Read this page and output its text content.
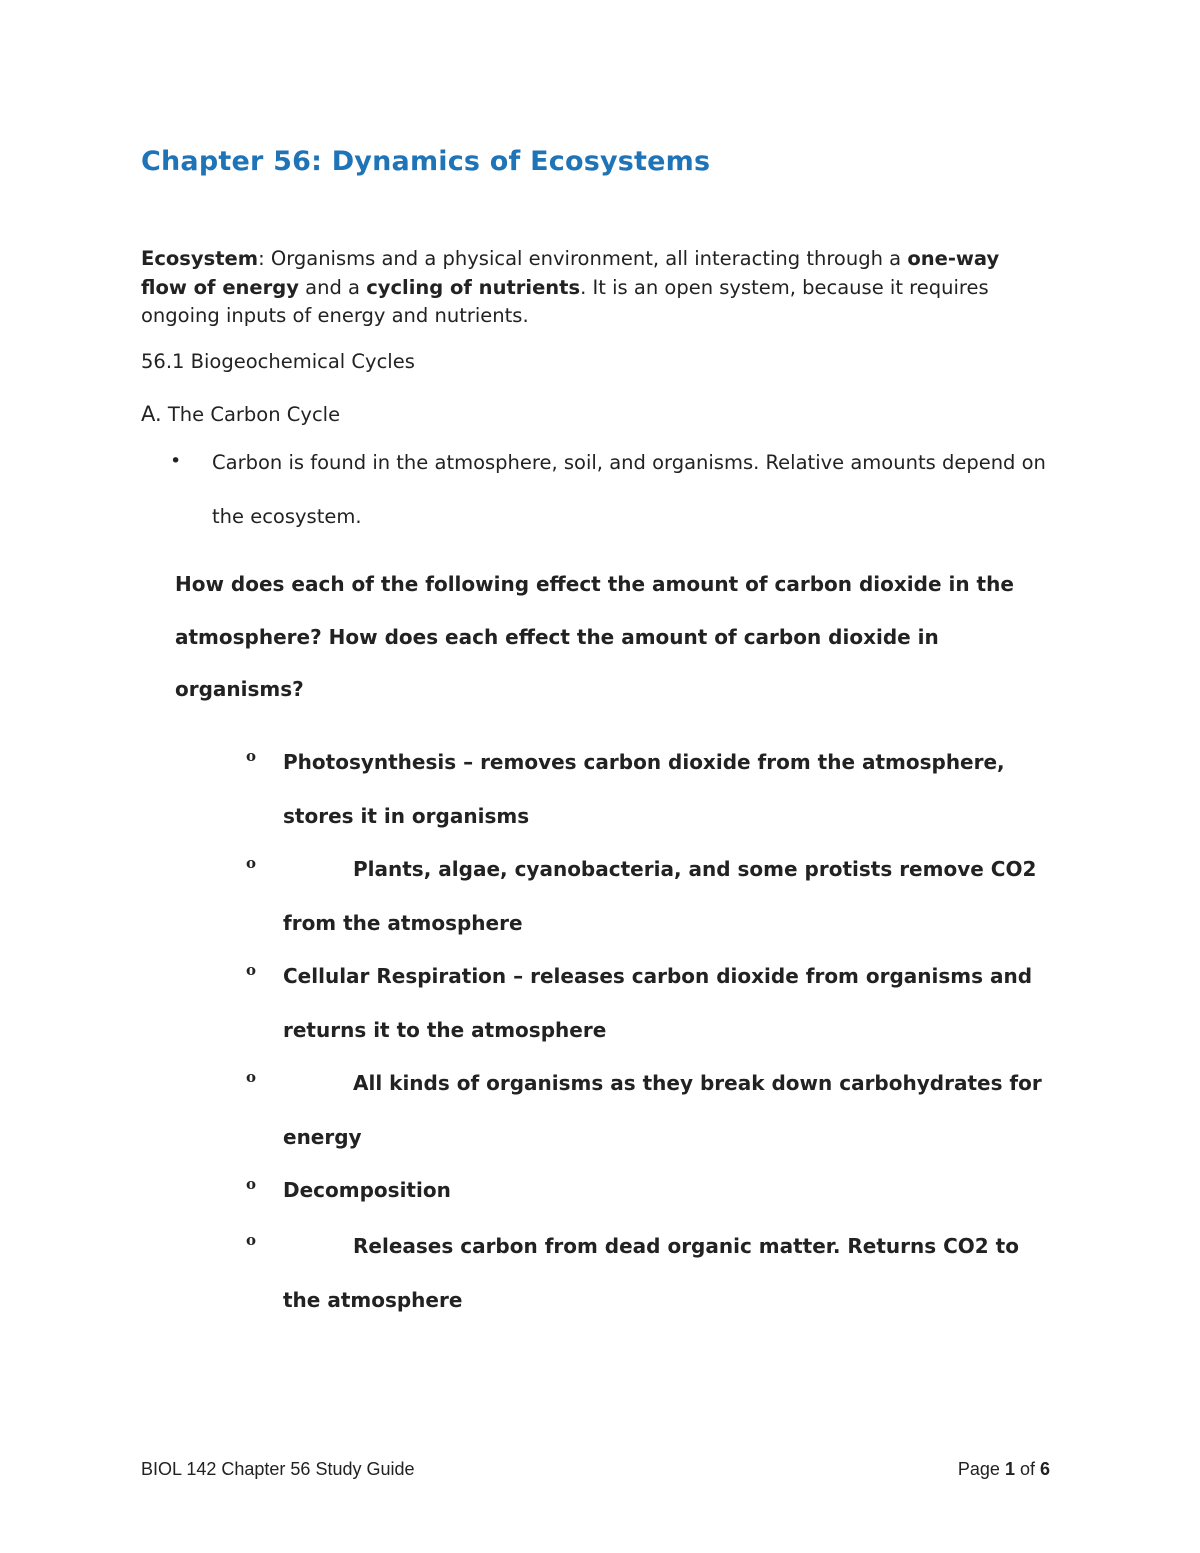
Chapter 56: Dynamics of Ecosystems
Ecosystem: Organisms and a physical environment, all interacting through a one-way flow of energy and a cycling of nutrients. It is an open system, because it requires ongoing inputs of energy and nutrients.
56.1 Biogeochemical Cycles
A. The Carbon Cycle
• Carbon is found in the atmosphere, soil, and organisms. Relative amounts depend on the ecosystem.
How does each of the following effect the amount of carbon dioxide in the atmosphere? How does each effect the amount of carbon dioxide in organisms?
o Photosynthesis – removes carbon dioxide from the atmosphere, stores it in organisms
o	Plants, algae, cyanobacteria, and some protists remove CO2 from the atmosphere
o Cellular Respiration – releases carbon dioxide from organisms and returns it to the atmosphere
o	All kinds of organisms as they break down carbohydrates for energy
o Decomposition
o	Releases carbon from dead organic matter. Returns CO2 to the atmosphere
BIOL 142 Chapter 56 Study Guide	Page 1 of 6
